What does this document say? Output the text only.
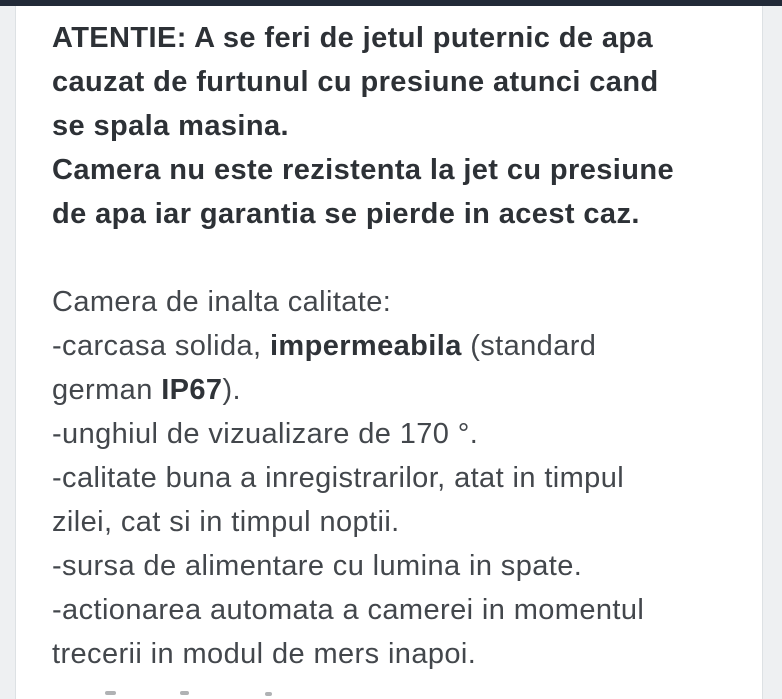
ATENTIE: A se feri de jetul puternic de apa
cauzat de furtunul cu presiune atunci cand
se spala masina.
Camera nu este rezistenta la jet cu presiune
de apa iar garantia se pierde in acest caz.
Camera de inalta calitate:
-carcasa solida, impermeabila (standard
german IP67).
-unghiul de vizualizare de 170 °.
-calitate buna a inregistrarilor, atat in timpul
zilei, cat si in timpul noptii.
-sursa de alimentare cu lumina in spate.
-actionarea automata a camerei in momentul
trecerii in modul de mers inapoi.
